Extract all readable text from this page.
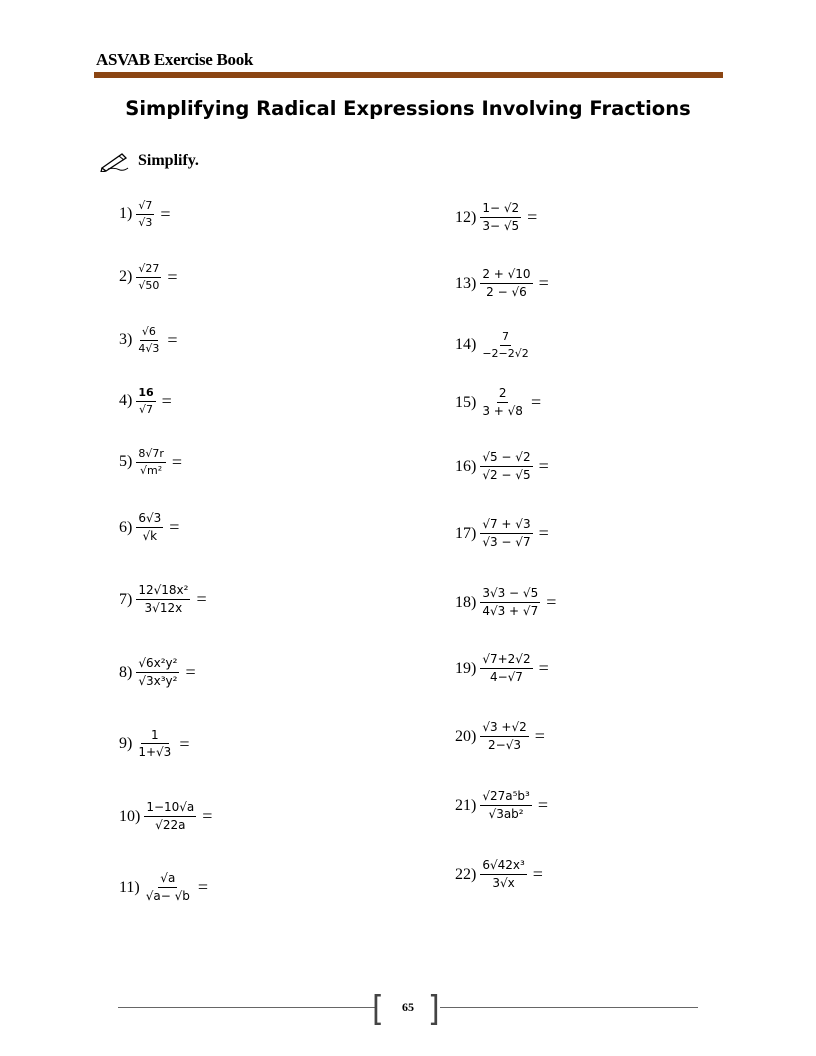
ASVAB Exercise Book
Simplifying Radical Expressions Involving Fractions
Simplify.
$1) \frac{√7}{√3}$ =
$2) \frac{√27}{√50}$ =
$3) \frac{√6}{4√3}$ =
$4) \frac{16}{√7}$ =
$5) \frac{8√7r}{\text{√m²}}$ =
$6) \frac{6√3}{√k}$ =
$7) \frac{\text{12√18x²}}{3√12x}$ =
$8) \frac{\text{√6x²y²}}{\text{√3x³y²}}$ =
$9) \frac{1}{1+√3}$ =
$10) \frac{1-10√a}{√22a}$ =
$11) \frac{√a}{√a- √b}$ =
$12) \frac{1- √2}{3- √5}$ =
$13) \frac{2 + √10}{2 - √6}$ =
$14) \frac{7}{-2-2√2}$
$15) \frac{2}{3 + √8}$ =
$16) \frac{√5 - √2}{√2 - √5}$ =
$17) \frac{√7 + √3}{√3 - √7}$ =
$18) \frac{3√3 - √5}{4√3 + √7}$ =
$19) \frac{√7+2√2}{4-√7}$ =
$20) \frac{√3 +√2}{2-√3}$ =
$21) \frac{\text{√27a⁵b³}}{\text{√3ab²}}$ =
$22) \frac{\text{6√42x³}}{3√x}$ =
[ ]
65
